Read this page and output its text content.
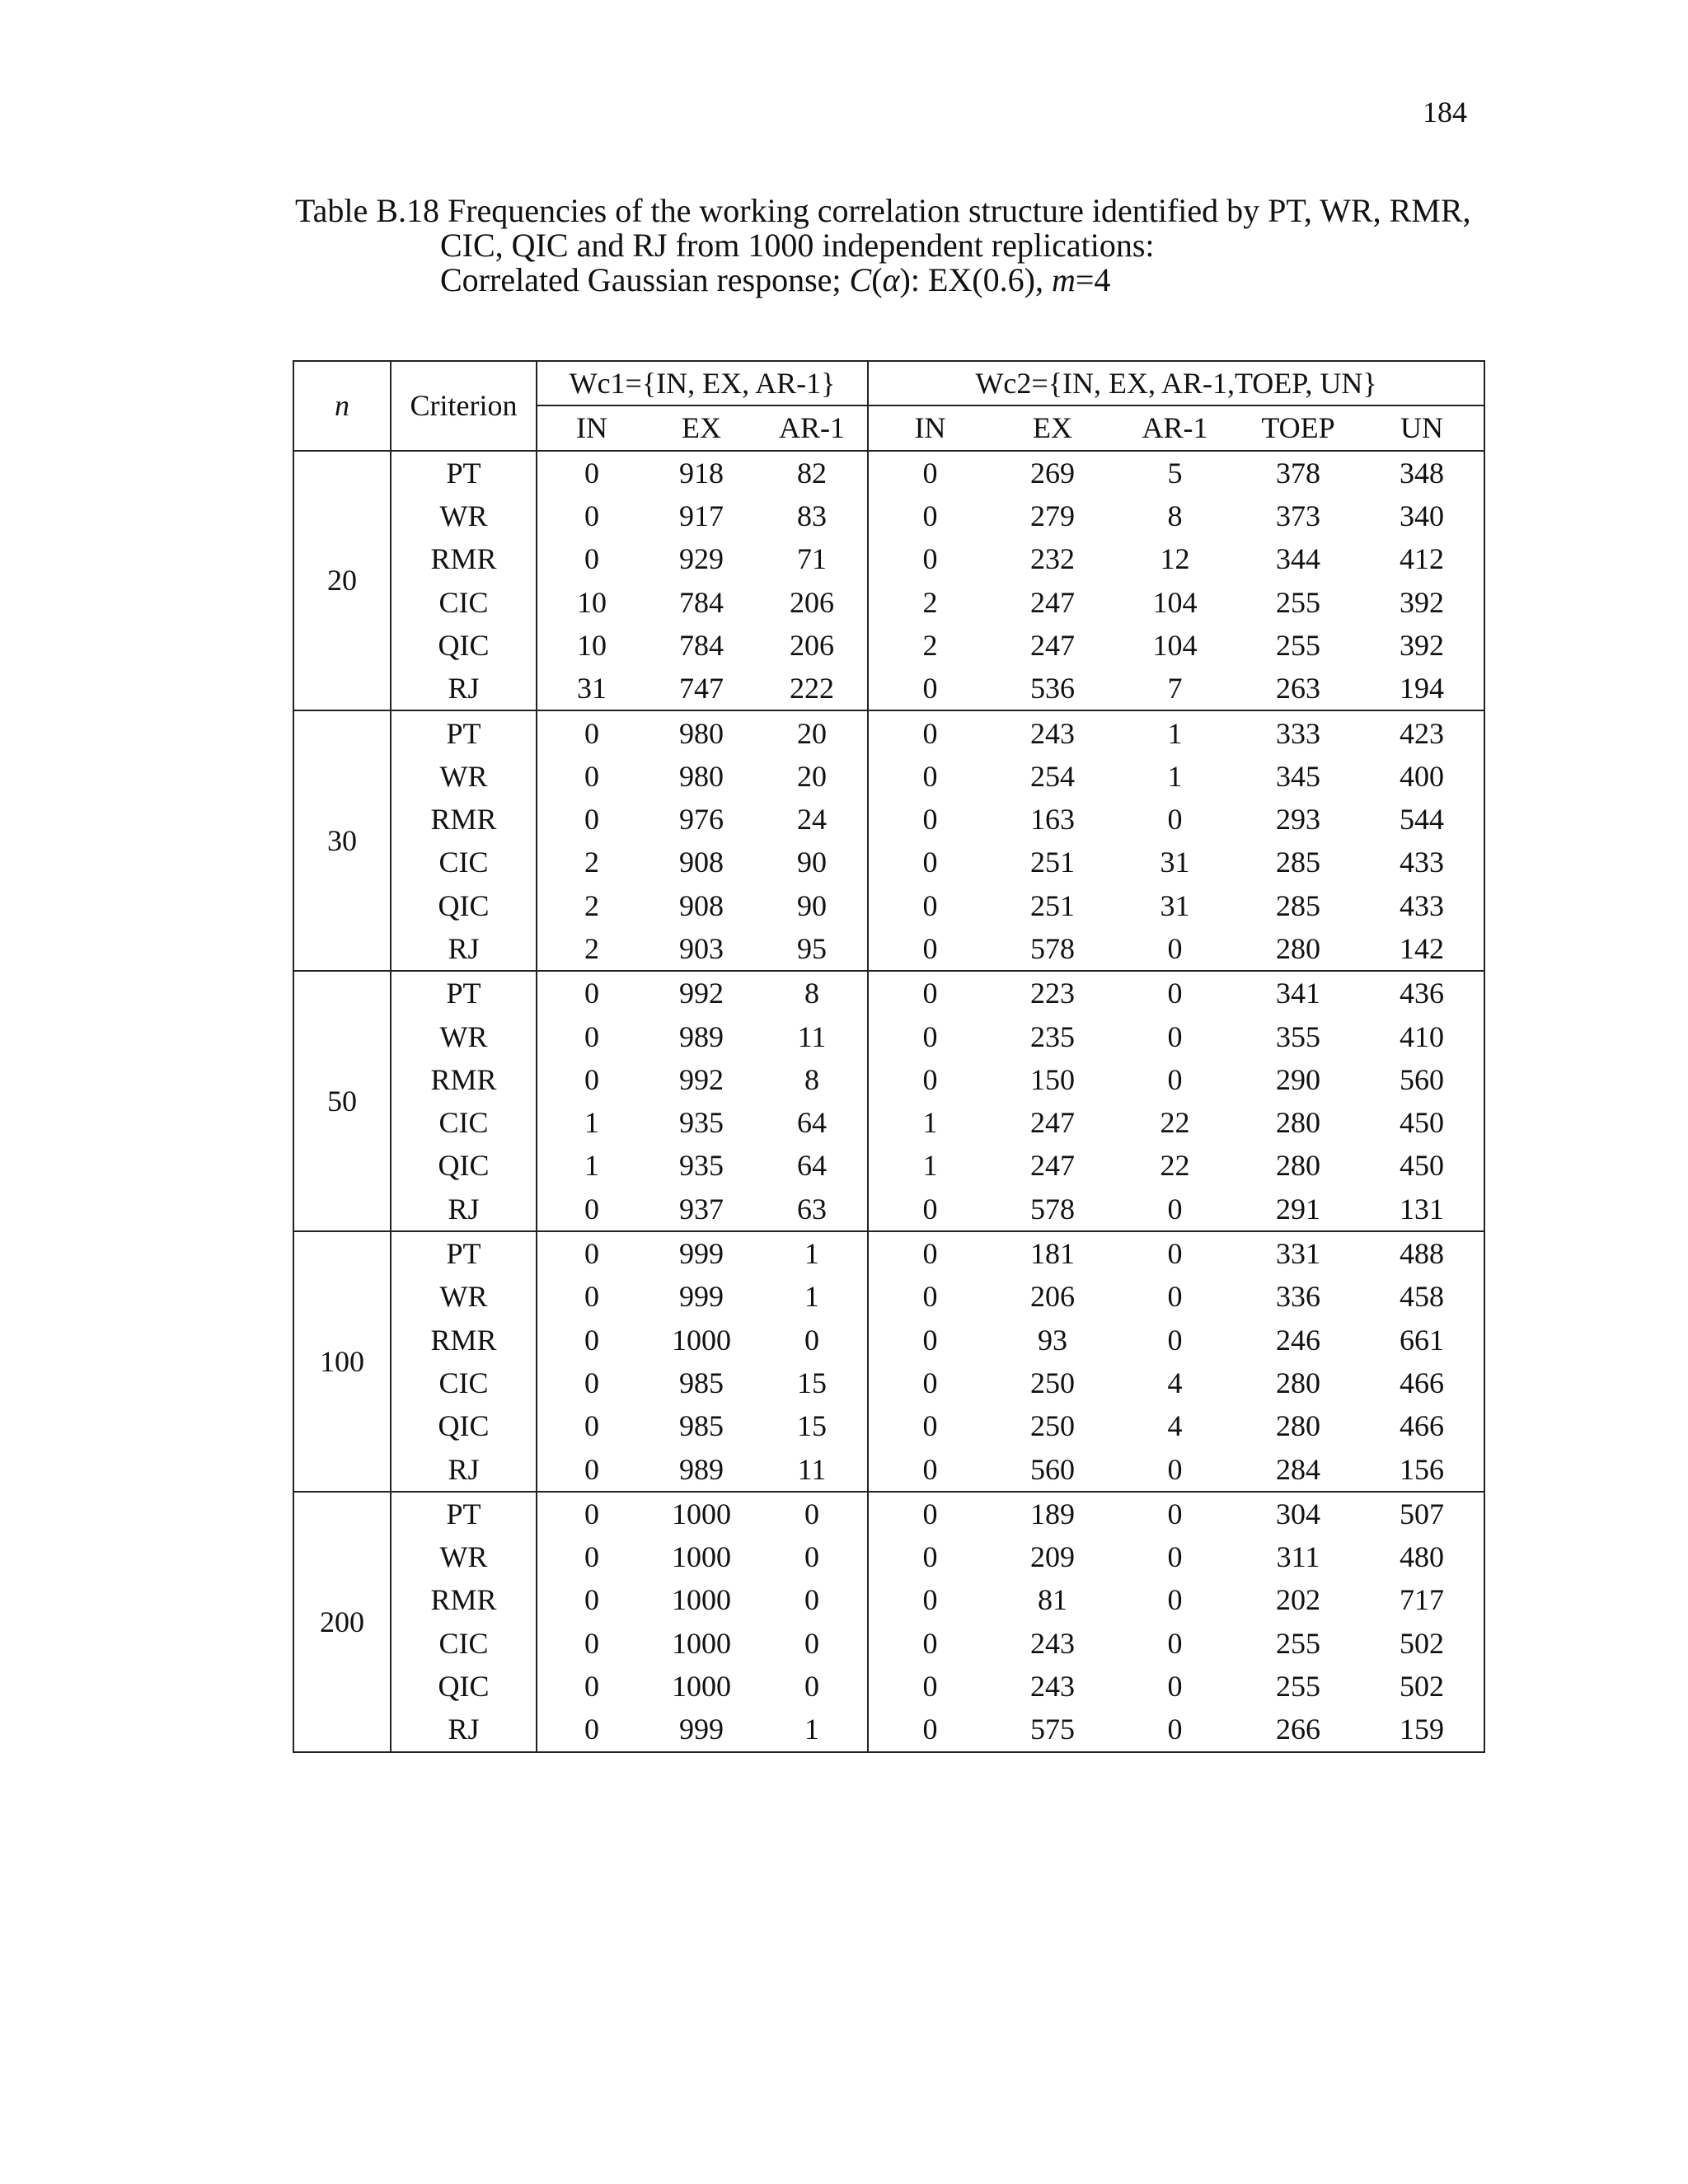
184
Table B.18 Frequencies of the working correlation structure identified by PT, WR, RMR,
CIC, QIC and RJ from 1000 independent replications:
Correlated Gaussian response; C(α): EX(0.6), m=4
n	Criterion	Wc1={IN, EX, AR-1}			Wc2={IN, EX, AR-1,TOEP, UN}				
		IN	EX	AR-1	IN	EX	AR-1	TOEP	UN
20	PT	0	918	82	0	269	5	378	348
	WR	0	917	83	0	279	8	373	340
	RMR	0	929	71	0	232	12	344	412
	CIC	10	784	206	2	247	104	255	392
	QIC	10	784	206	2	247	104	255	392
	RJ	31	747	222	0	536	7	263	194
30	PT	0	980	20	0	243	1	333	423
	WR	0	980	20	0	254	1	345	400
	RMR	0	976	24	0	163	0	293	544
	CIC	2	908	90	0	251	31	285	433
	QIC	2	908	90	0	251	31	285	433
	RJ	2	903	95	0	578	0	280	142
50	PT	0	992	8	0	223	0	341	436
	WR	0	989	11	0	235	0	355	410
	RMR	0	992	8	0	150	0	290	560
	CIC	1	935	64	1	247	22	280	450
	QIC	1	935	64	1	247	22	280	450
	RJ	0	937	63	0	578	0	291	131
100	PT	0	999	1	0	181	0	331	488
	WR	0	999	1	0	206	0	336	458
	RMR	0	1000	0	0	93	0	246	661
	CIC	0	985	15	0	250	4	280	466
	QIC	0	985	15	0	250	4	280	466
	RJ	0	989	11	0	560	0	284	156
200	PT	0	1000	0	0	189	0	304	507
	WR	0	1000	0	0	209	0	311	480
	RMR	0	1000	0	0	81	0	202	717
	CIC	0	1000	0	0	243	0	255	502
	QIC	0	1000	0	0	243	0	255	502
	RJ	0	999	1	0	575	0	266	159
